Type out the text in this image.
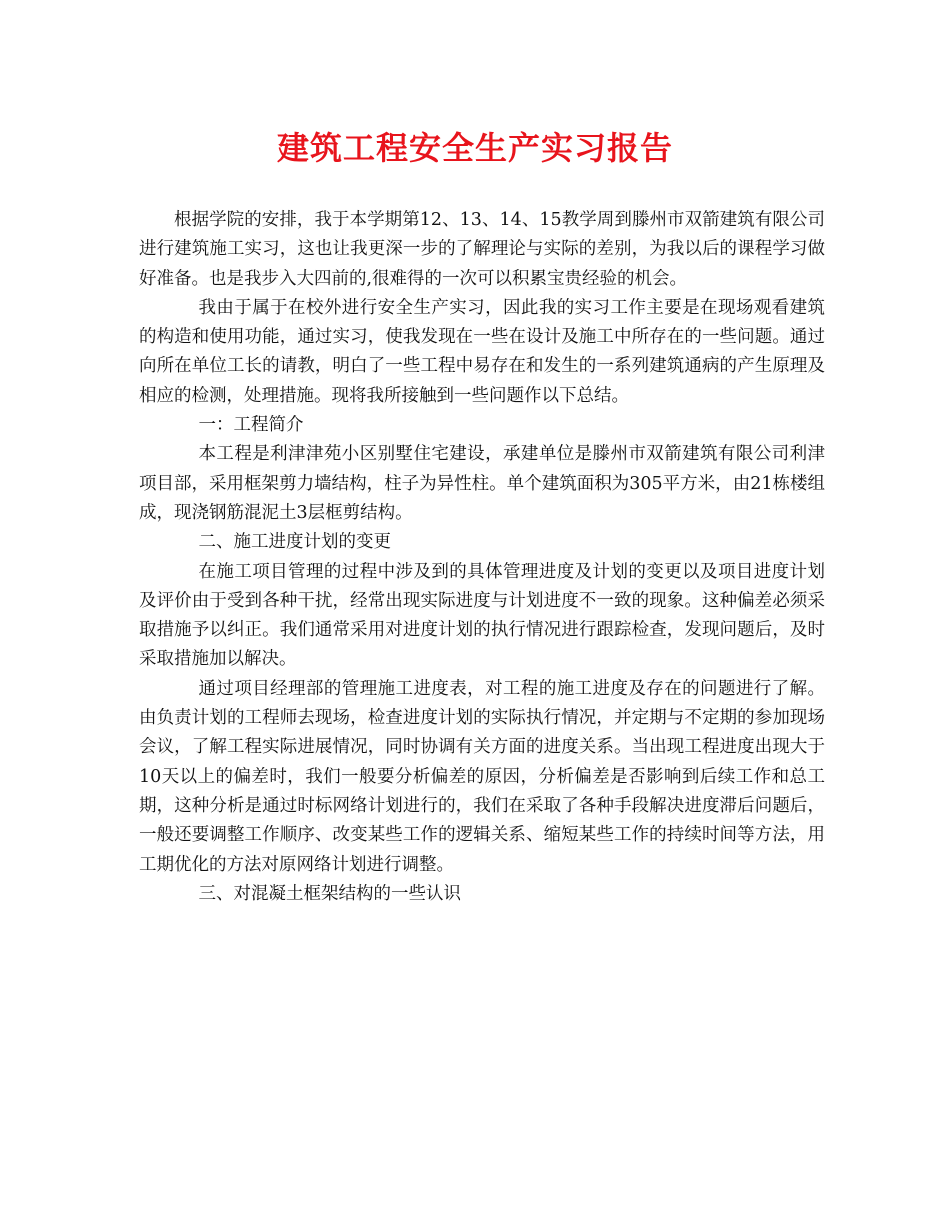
建筑工程安全生产实习报告

根据学院的安排，我于本学期第12、13、14、15教学周到滕州市双箭建筑有限公司进行建筑施工实习，这也让我更深一步的了解理论与实际的差别，为我以后的课程学习做好准备。也是我步入大四前的,很难得的一次可以积累宝贵经验的机会。

我由于属于在校外进行安全生产实习，因此我的实习工作主要是在现场观看建筑的构造和使用功能，通过实习，使我发现在一些在设计及施工中所存在的一些问题。通过向所在单位工长的请教，明白了一些工程中易存在和发生的一系列建筑通病的产生原理及相应的检测，处理措施。现将我所接触到一些问题作以下总结。

一：工程简介

本工程是利津津苑小区别墅住宅建设，承建单位是滕州市双箭建筑有限公司利津项目部，采用框架剪力墙结构，柱子为异性柱。单个建筑面积为305平方米，由21栋楼组成，现浇钢筋混泥土3层框剪结构。

二、施工进度计划的变更

在施工项目管理的过程中涉及到的具体管理进度及计划的变更以及项目进度计划及评价由于受到各种干扰，经常出现实际进度与计划进度不一致的现象。这种偏差必须采取措施予以纠正。我们通常采用对进度计划的执行情况进行跟踪检查，发现问题后，及时采取措施加以解决。

通过项目经理部的管理施工进度表，对工程的施工进度及存在的问题进行了解。由负责计划的工程师去现场，检查进度计划的实际执行情况，并定期与不定期的参加现场会议，了解工程实际进展情况，同时协调有关方面的进度关系。当出现工程进度出现大于10天以上的偏差时，我们一般要分析偏差的原因，分析偏差是否影响到后续工作和总工期，这种分析是通过时标网络计划进行的，我们在采取了各种手段解决进度滞后问题后，一般还要调整工作顺序、改变某些工作的逻辑关系、缩短某些工作的持续时间等方法，用工期优化的方法对原网络计划进行调整。

三、对混凝土框架结构的一些认识
